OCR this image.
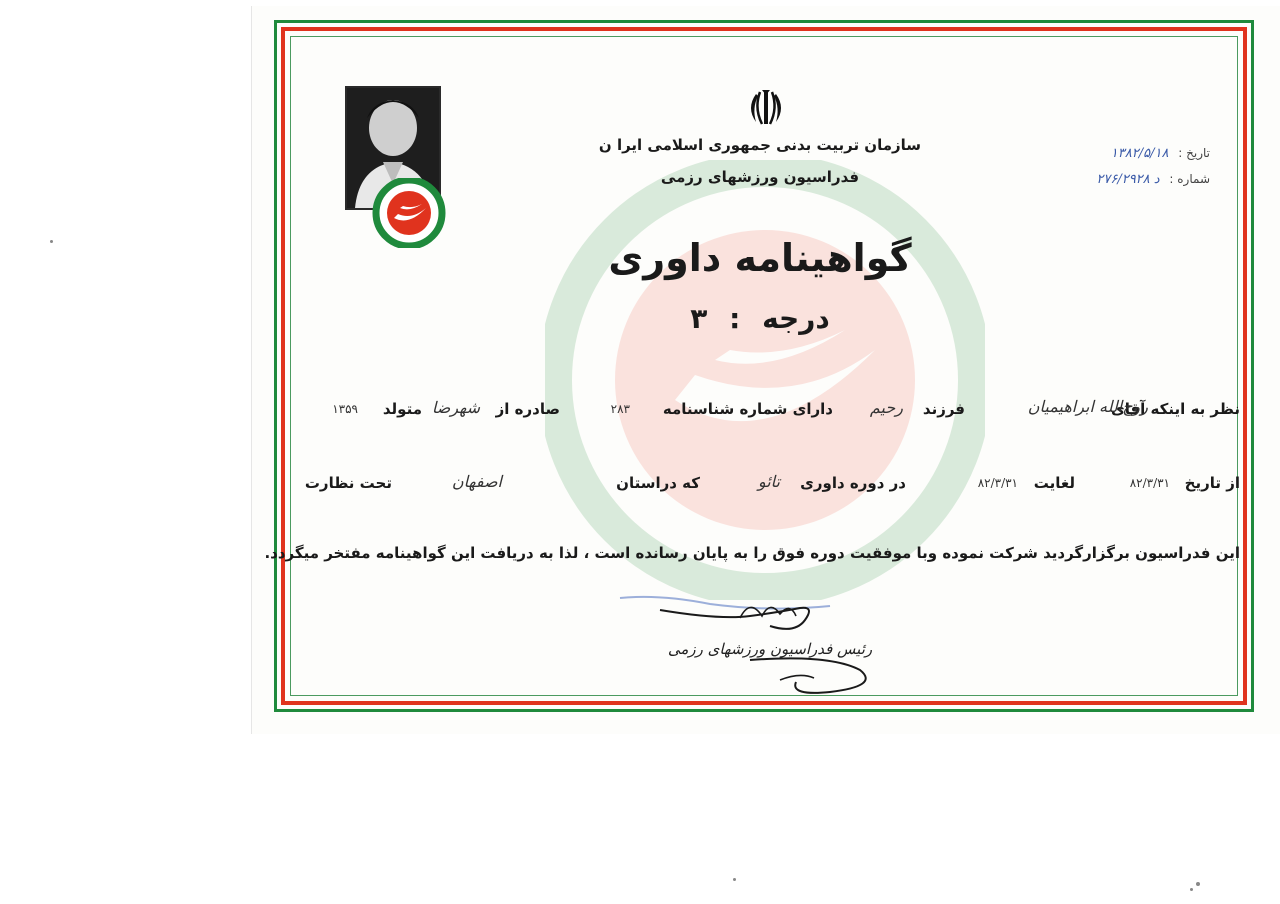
سازمان تربیت بدنی جمهوری اسلامی ایرا ن
فدراسیون ورزشهای رزمی
تاریخ : ۱۳۸۲/۵/۱۸
شماره : د ۲۷۶/۲۹۲۸
گواهینامه داوری
درجه : ۳
نظر به اینکه آقای
روح‌الله ابراهیمیان
فرزند
رحیم
دارای شماره شناسنامه
۲۸۳
صادره از
شهرضا
متولد
۱۳۵۹
از تاریخ
۸۲/۳/۳۱
لغایت
۸۲/۳/۳۱
در دوره داوری
تائو
که دراستان
اصفهان
تحت نظارت
این فدراسیون برگزارگردید شرکت نموده وبا موفقیت دوره فوق را به پایان رسانده است ، لذا به دریافت این گواهینامه مفتخر میگردد.
رئیس فدراسیون ورزشهای رزمی
